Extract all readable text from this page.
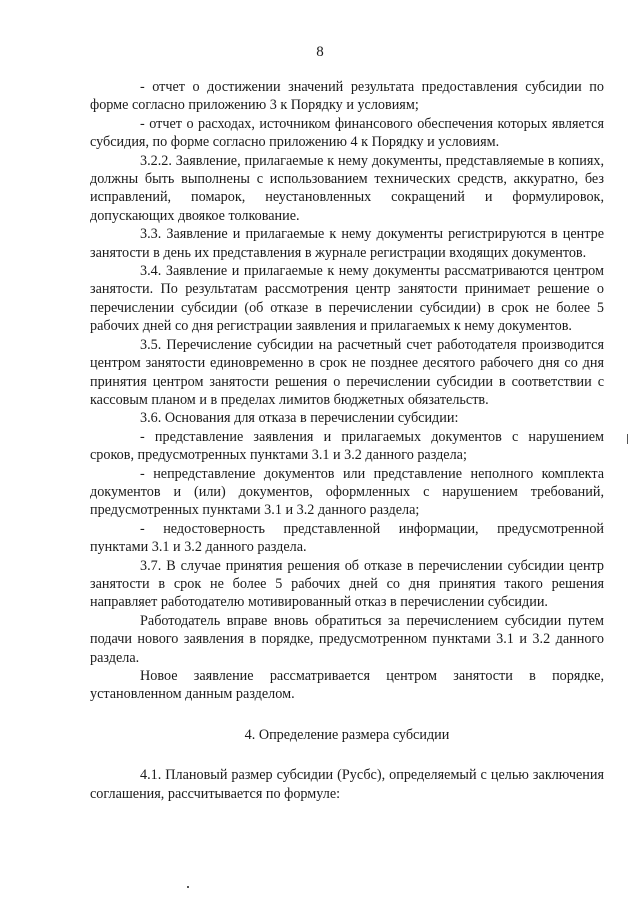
8

- отчет о достижении значений результата предоставления субсидии по форме согласно приложению 3 к Порядку и условиям;

- отчет о расходах, источником финансового обеспечения которых является субсидия, по форме согласно приложению 4 к Порядку и условиям.

3.2.2. Заявление, прилагаемые к нему документы, представляемые в копиях, должны быть выполнены с использованием технических средств, аккуратно, без исправлений, помарок, неустановленных сокращений и формулировок, допускающих двоякое толкование.

3.3. Заявление и прилагаемые к нему документы регистрируются в центре занятости в день их представления в журнале регистрации входящих документов.

3.4. Заявление и прилагаемые к нему документы рассматриваются центром занятости. По результатам рассмотрения центр занятости принимает решение о перечислении субсидии (об отказе в перечислении субсидии) в срок не более 5 рабочих дней со дня регистрации заявления и прилагаемых к нему документов.

3.5. Перечисление субсидии на расчетный счет работодателя производится центром занятости единовременно в срок не позднее десятого рабочего дня со дня принятия центром занятости решения о перечислении субсидии в соответствии с кассовым планом и в пределах лимитов бюджетных обязательств.

3.6. Основания для отказа в перечислении субсидии:

- представление заявления и прилагаемых документов с нарушением сроков, предусмотренных пунктами 3.1 и 3.2 данного раздела;

- непредставление документов или представление неполного комплекта документов и (или) документов, оформленных с нарушением требований, предусмотренных пунктами 3.1 и 3.2 данного раздела;

- недостоверность представленной информации, предусмотренной пунктами 3.1 и 3.2 данного раздела.

3.7. В случае принятия решения об отказе в перечислении субсидии центр занятости в срок не более 5 рабочих дней со дня принятия такого решения направляет работодателю мотивированный отказ в перечислении субсидии.

Работодатель вправе вновь обратиться за перечислением субсидии путем подачи нового заявления в порядке, предусмотренном пунктами 3.1 и 3.2 данного раздела.

Новое заявление рассматривается центром занятости в порядке, установленном данным разделом.

4. Определение размера субсидии

4.1. Плановый размер субсидии (Русбс), определяемый с целью заключения соглашения, рассчитывается по формуле:
